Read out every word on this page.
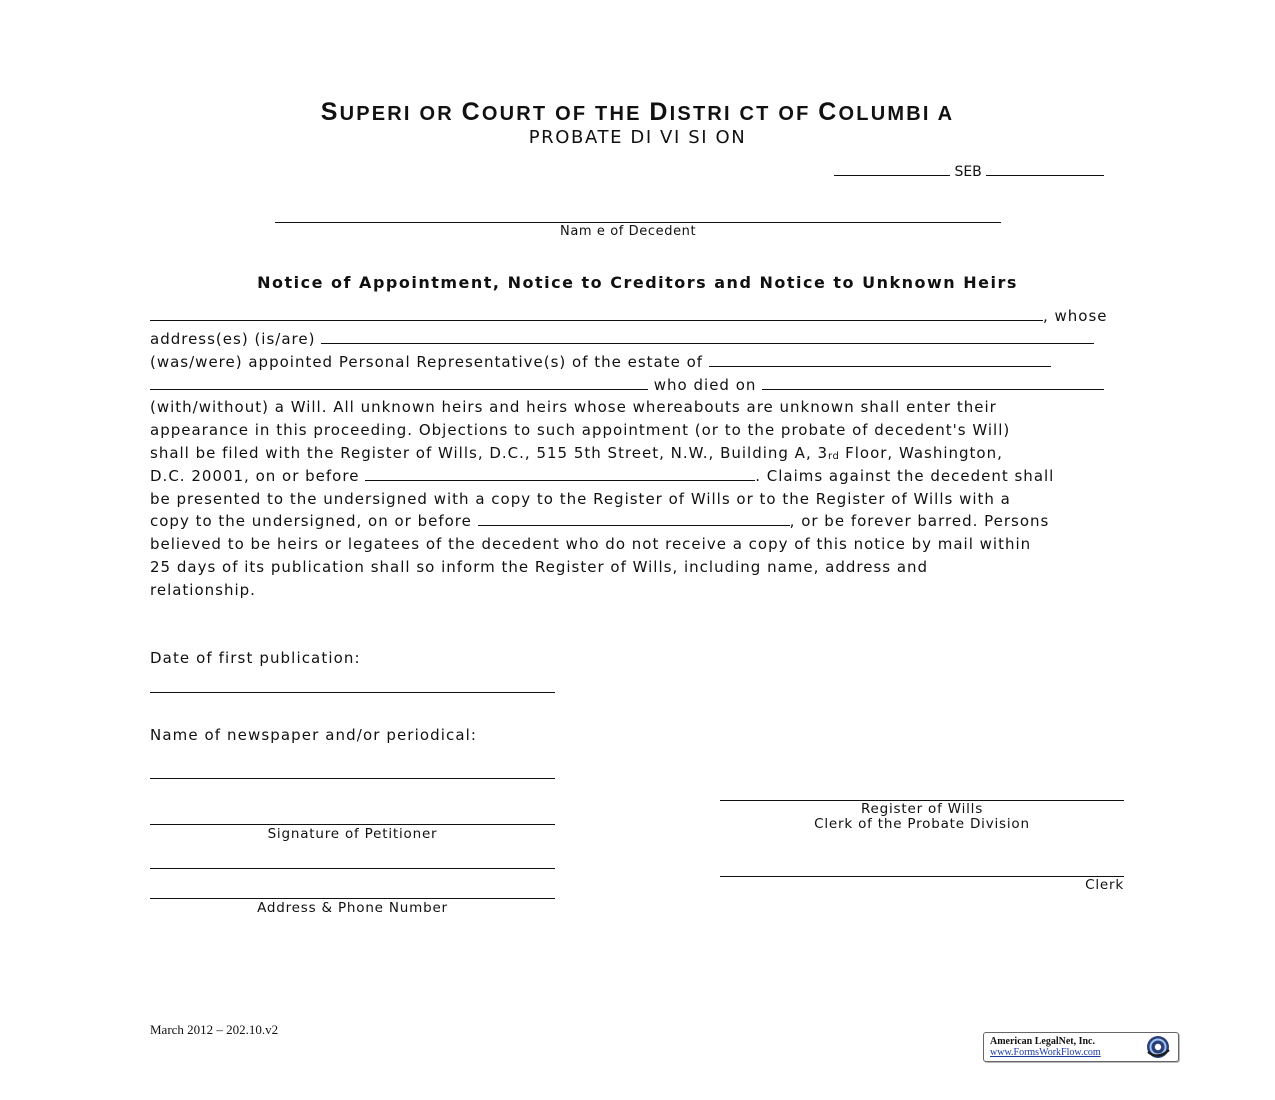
SUPERI OR COURT OF THE DISTRI CT OF COLUMBI A
PROBATE DI VI SI ON
SEB
Nam e of Decedent
Notice of Appointment, Notice to Creditors and Notice to Unknown Heirs
, whose
address(es) (is/are)
(was/were) appointed Personal Representative(s) of the estate of
who died on
(with/without) a Will. All unknown heirs and heirs whose whereabouts are unknown shall enter their
appearance in this proceeding. Objections to such appointment (or to the probate of decedent's Will)
shall be filed with the Register of Wills, D.C., 515 5th Street, N.W., Building A, 3rd Floor, Washington,
D.C. 20001, on or before	. Claims against the decedent shall
be presented to the undersigned with a copy to the Register of Wills or to the Register of Wills with a
copy to the undersigned, on or before	, or be forever barred. Persons
believed to be heirs or legatees of the decedent who do not receive a copy of this notice by mail within
25 days of its publication shall so inform the Register of Wills, including name, address and
relationship.
Date of first publication:
Name of newspaper and/or periodical:
Signature of Petitioner
Address & Phone Number
Register of Wills
Clerk of the Probate Division
Clerk
March 2012 – 202.10.v2
American LegalNet, Inc.
www.FormsWorkFlow.com
